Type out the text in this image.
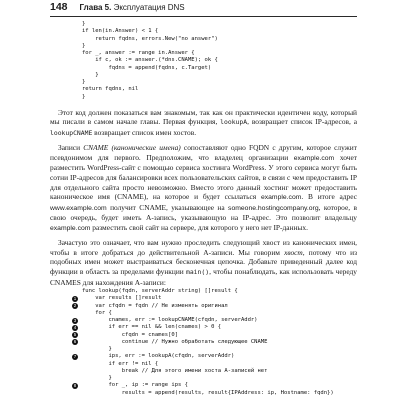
148 Глава 5. Эксплуатация DNS
}
if len(in.Answer) < 1 {
return fqdns, errors.New("no answer")
}
for _, answer := range in.Answer {
if c, ok := answer.(*dns.CNAME); ok {
fqdns = append(fqdns, c.Target)
}
}
return fqdns, nil
}

Этот код должен показаться вам знакомым, так как он практически идентичен коду, который мы писали в самом начале главы. Первая функция, lookupA, возвращает список IP-адресов, а lookupCNAME возвращает список имен хостов.

Записи CNAME (канонические имена) сопоставляют одно FQDN с другим, которое служит псевдонимом для первого. Предположим, что владелец организации example.com хочет разместить WordPress-сайт с помощью сервиса хостинга WordPress. У этого сервиса могут быть сотни IP-адресов для балансировки всех пользовательских сайтов, в связи с чем предоставить IP для отдельного сайта просто невозможно. Вместо этого данный хостинг может предоставить каноническое имя (CNAME), на которое и будет ссылаться example.com. В итоге адрес www.example.com получит CNAME, указывающее на someone.hostingcompany.org, которое, в свою очередь, будет иметь A-запись, указывающую на IP-адрес. Это позволит владельцу example.com разместить свой сайт на сервере, для которого у него нет IP-данных.

Зачастую это означает, что вам нужно проследить следующий хвост из канонических имен, чтобы в итоге добраться до действительной A-записи. Мы говорим хвост, потому что из подобных имен может выстраиваться бесконечная цепочка. Добавьте приведенный далее код функции в область за пределами функции main(), чтобы понаблюдать, как использовать череду CNAMES для нахождения A-записи:

func lookup(fqdn, serverAddr string) []result {
1	var results []result
2	var cfqdn = fqdn // Не изменять оригинал
for {
3	cnames, err := lookupCNAME(cfqdn, serverAddr)
4	if err == nil && len(cnames) > 0 {
5	cfqdn = cnames[0]
6	continue // Нужно обработать следующее CNAME
}
7	ips, err := lookupA(cfqdn, serverAddr)
if err != nil {
break // Для этого имени хоста A-записей нет
}
8	for _, ip := range ips {
results = append(results, result{IPAddress: ip, Hostname: fqdn})
